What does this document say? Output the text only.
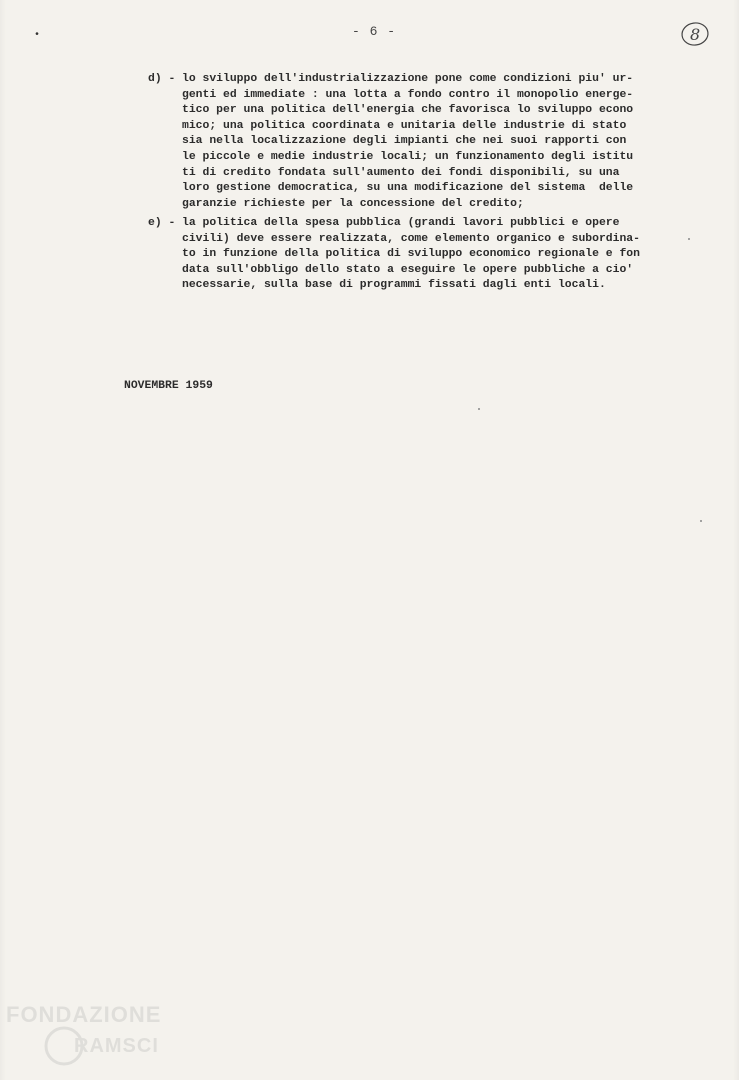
•	- 6 -	8
d) - lo sviluppo dell'industrializzazione pone come condizioni piu' ur-
genti ed immediate : una lotta a fondo contro il monopolio energe-
tico per una politica dell'energia che favorisca lo sviluppo econo
mico; una politica coordinata e unitaria delle industrie di stato
sia nella localizzazione degli impianti che nei suoi rapporti con
le piccole e medie industrie locali; un funzionamento degli istitu
ti di credito fondata sull'aumento dei fondi disponibili, su una
loro gestione democratica, su una modificazione del sistema  delle
garanzie richieste per la concessione del credito;
e) - la politica della spesa pubblica (grandi lavori pubblici e opere
civili) deve essere realizzata, come elemento organico e subordina-
to in funzione della politica di sviluppo economico regionale e fon
data sull'obbligo dello stato a eseguire le opere pubbliche a cio'
necessarie, sulla base di programmi fissati dagli enti locali.
NOVEMBRE 1959
FONDAZIONE
RAMSCI
